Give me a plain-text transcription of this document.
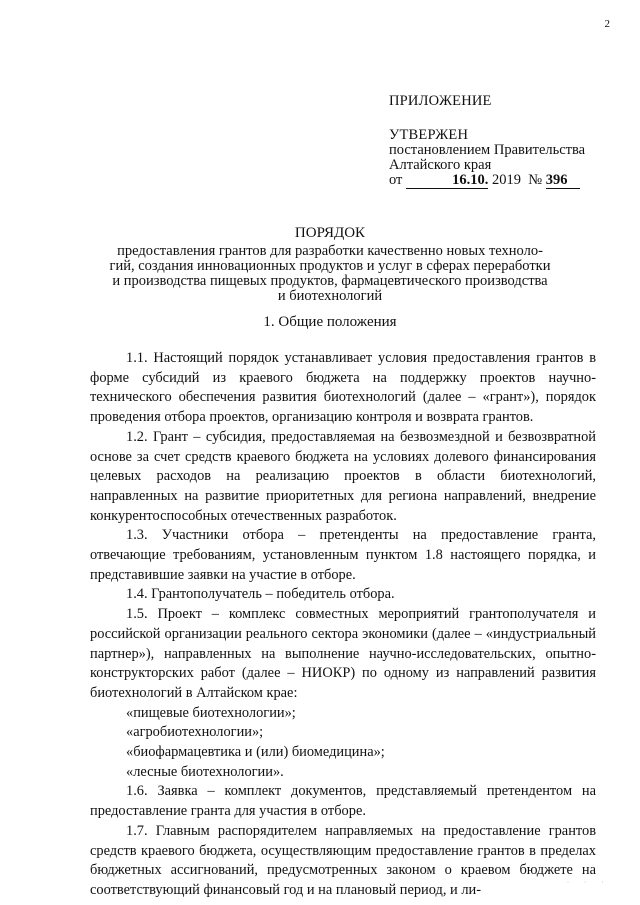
2
ПРИЛОЖЕНИЕ
УТВЕРЖЕН
постановлением Правительства
Алтайского края
от	16.10. 2019 № 396
ПОРЯДОК
предоставления грантов для разработки качественно новых техноло-
гий, создания инновационных продуктов и услуг в сферах переработки
и производства пищевых продуктов, фармацевтического производства
и биотехнологий
1. Общие положения

1.1. Настоящий порядок устанавливает условия предоставления грантов в форме субсидий из краевого бюджета на поддержку проектов научно-технического обеспечения развития биотехнологий (далее – «грант»), порядок проведения отбора проектов, организацию контроля и возврата грантов.

1.2. Грант – субсидия, предоставляемая на безвозмездной и безвозвратной основе за счет средств краевого бюджета на условиях долевого финансирования целевых расходов на реализацию проектов в области биотехнологий, направленных на развитие приоритетных для региона направлений, внедрение конкурентоспособных отечественных разработок.

1.3. Участники отбора – претенденты на предоставление гранта, отвечающие требованиям, установленным пунктом 1.8 настоящего порядка, и представившие заявки на участие в отборе.

1.4. Грантополучатель – победитель отбора.

1.5. Проект – комплекс совместных мероприятий грантополучателя и российской организации реального сектора экономики (далее – «индустриальный партнер»), направленных на выполнение научно-исследовательских, опытно-конструкторских работ (далее – НИОКР) по одному из направлений развития биотехнологий в Алтайском крае:

«пищевые биотехнологии»;

«агробиотехнологии»;

«биофармацевтика и (или) биомедицина»;

«лесные биотехнологии».

1.6. Заявка – комплект документов, представляемый претендентом на предоставление гранта для участия в отборе.

1.7. Главным распорядителем направляемых на предоставление грантов средств краевого бюджета, осуществляющим предоставление грантов в пределах бюджетных ассигнований, предусмотренных законом о краевом бюджете на соответствующий финансовый год и на плановый период, и ли-	· · ·
